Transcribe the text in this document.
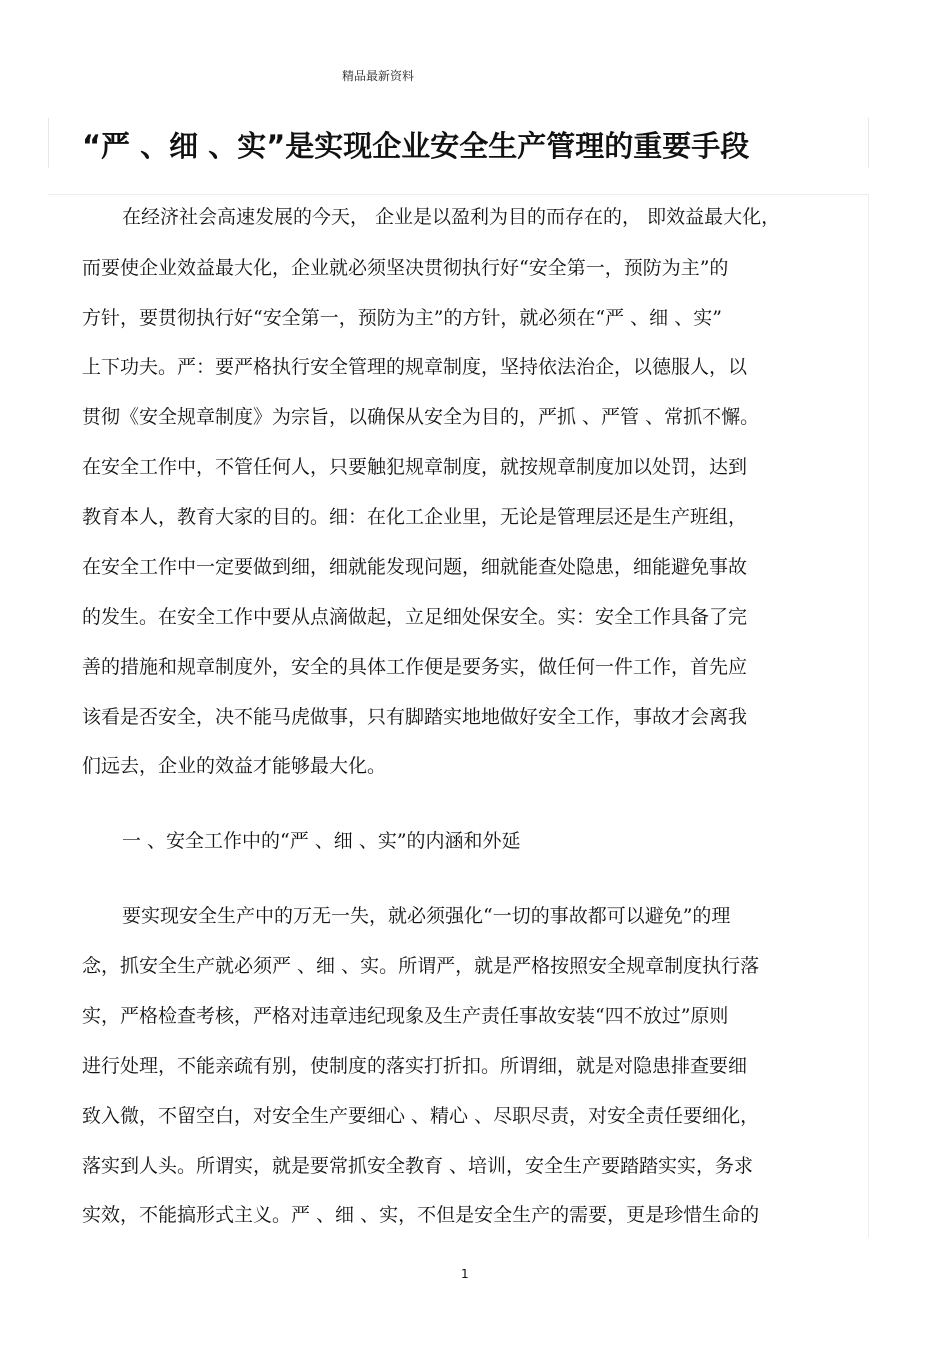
精品最新资料
“严 、细 、实”是实现企业安全生产管理的重要手段
在经济社会高速发展的今天， 企业是以盈利为目的而存在的， 即效益最大化，
而要使企业效益最大化，企业就必须坚决贯彻执行好“安全第一，预防为主”的
方针，要贯彻执行好“安全第一，预防为主”的方针，就必须在“严 、细 、实”
上下功夫。严：要严格执行安全管理的规章制度，坚持依法治企，以德服人，以
贯彻《安全规章制度》为宗旨，以确保从安全为目的，严抓 、严管 、常抓不懈。
在安全工作中，不管任何人，只要触犯规章制度，就按规章制度加以处罚，达到
教育本人，教育大家的目的。细：在化工企业里，无论是管理层还是生产班组，
在安全工作中一定要做到细，细就能发现问题，细就能查处隐患，细能避免事故
的发生。在安全工作中要从点滴做起，立足细处保安全。实：安全工作具备了完
善的措施和规章制度外，安全的具体工作便是要务实，做任何一件工作，首先应
该看是否安全，决不能马虎做事，只有脚踏实地地做好安全工作，事故才会离我
们远去，企业的效益才能够最大化。
一 、安全工作中的“严 、细 、实”的内涵和外延
要实现安全生产中的万无一失，就必须强化“一切的事故都可以避免”的理
念，抓安全生产就必须严 、细 、实。所谓严，就是严格按照安全规章制度执行落
实，严格检查考核，严格对违章违纪现象及生产责任事故安装“四不放过”原则
进行处理，不能亲疏有别，使制度的落实打折扣。所谓细，就是对隐患排查要细
致入微，不留空白，对安全生产要细心 、精心 、尽职尽责，对安全责任要细化，
落实到人头。所谓实，就是要常抓安全教育 、培训，安全生产要踏踏实实，务求
实效，不能搞形式主义。严 、细 、实，不但是安全生产的需要，更是珍惜生命的
1
